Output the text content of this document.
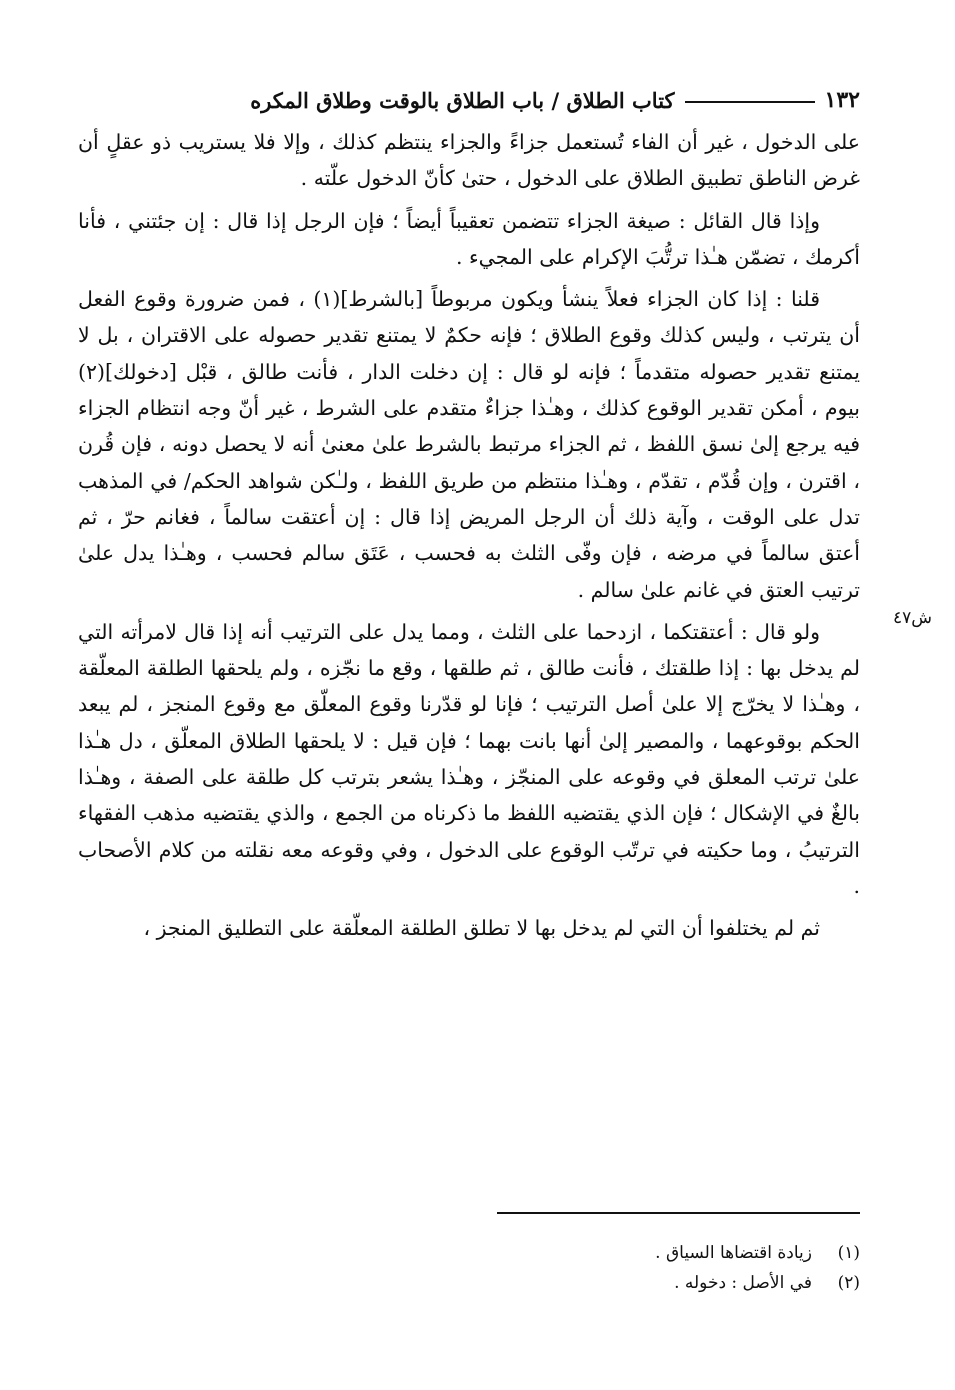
١٣٢
كتاب الطلاق / باب الطلاق بالوقت وطلاق المكره

على الدخول ، غير أن الفاء تُستعمل جزاءً والجزاء ينتظم كذلك ، وإلا فلا يستريب ذو عقلٍ أن غرض الناطق تطبيق الطلاق على الدخول ، حتىٰ كأنّ الدخول علّته .

وإذا قال القائل : صيغة الجزاء تتضمن تعقيباً أيضاً ؛ فإن الرجل إذا قال : إن جئتني ، فأنا أكرمك ، تضمّن هـٰذا ترتُّبَ الإكرام على المجيء .

قلنا : إذا كان الجزاء فعلاً ينشأ ويكون مربوطاً [بالشرط](١) ، فمن ضرورة وقوع الفعل أن يترتب ، وليس كذلك وقوع الطلاق ؛ فإنه حكمٌ لا يمتنع تقدير حصوله على الاقتران ، بل لا يمتنع تقدير حصوله متقدماً ؛ فإنه لو قال : إن دخلت الدار ، فأنت طالق ، قبْل [دخولك](٢) بيوم ، أمكن تقدير الوقوع كذلك ، وهـٰذا جزاءٌ متقدم على الشرط ، غير أنّ وجه انتظام الجزاء فيه يرجع إلىٰ نسق اللفظ ، ثم الجزاء مرتبط بالشرط علىٰ معنىٰ أنه لا يحصل دونه ، فإن قُرن ، اقترن ، وإن قُدّم ، تقدّم ، وهـٰذا منتظم من طريق اللفظ ، ولـٰكن شواهد الحكم/ في المذهب تدل على الوقت ، وآية ذلك أن الرجل المريض إذا قال : إن أعتقت سالماً ، فغانم حرّ ، ثم أعتق سالماً في مرضه ، فإن وفّى الثلث به فحسب ، عَتَق سالم فحسب ، وهـٰذا يدل علىٰ ترتيب العتق في غانم علىٰ سالم .

ولو قال : أعتقتكما ، ازدحما على الثلث ، ومما يدل على الترتيب أنه إذا قال لامرأته التي لم يدخل بها : إذا طلقتك ، فأنت طالق ، ثم طلقها ، وقع ما نجّزه ، ولم يلحقها الطلقة المعلّقة ، وهـٰذا لا يخرّج إلا علىٰ أصل الترتيب ؛ فإنا لو قدّرنا وقوع المعلّق مع وقوع المنجز ، لم يبعد الحكم بوقوعهما ، والمصير إلىٰ أنها بانت بهما ؛ فإن قيل : لا يلحقها الطلاق المعلّق ، دل هـٰذا علىٰ ترتب المعلق في وقوعه على المنجّز ، وهـٰذا يشعر بترتب كل طلقة على الصفة ، وهـٰذا بالغٌ في الإشكال ؛ فإن الذي يقتضيه اللفظ ما ذكرناه من الجمع ، والذي يقتضيه مذهب الفقهاء الترتيبُ ، وما حكيته في ترتّب الوقوع على الدخول ، وفي وقوعه معه نقلته من كلام الأصحاب .

ثم لم يختلفوا أن التي لم يدخل بها لا تطلق الطلقة المعلّقة على التطليق المنجز ،

ش٤٧
(١)
زيادة اقتضاها السياق .
(٢)
في الأصل : دخوله .
